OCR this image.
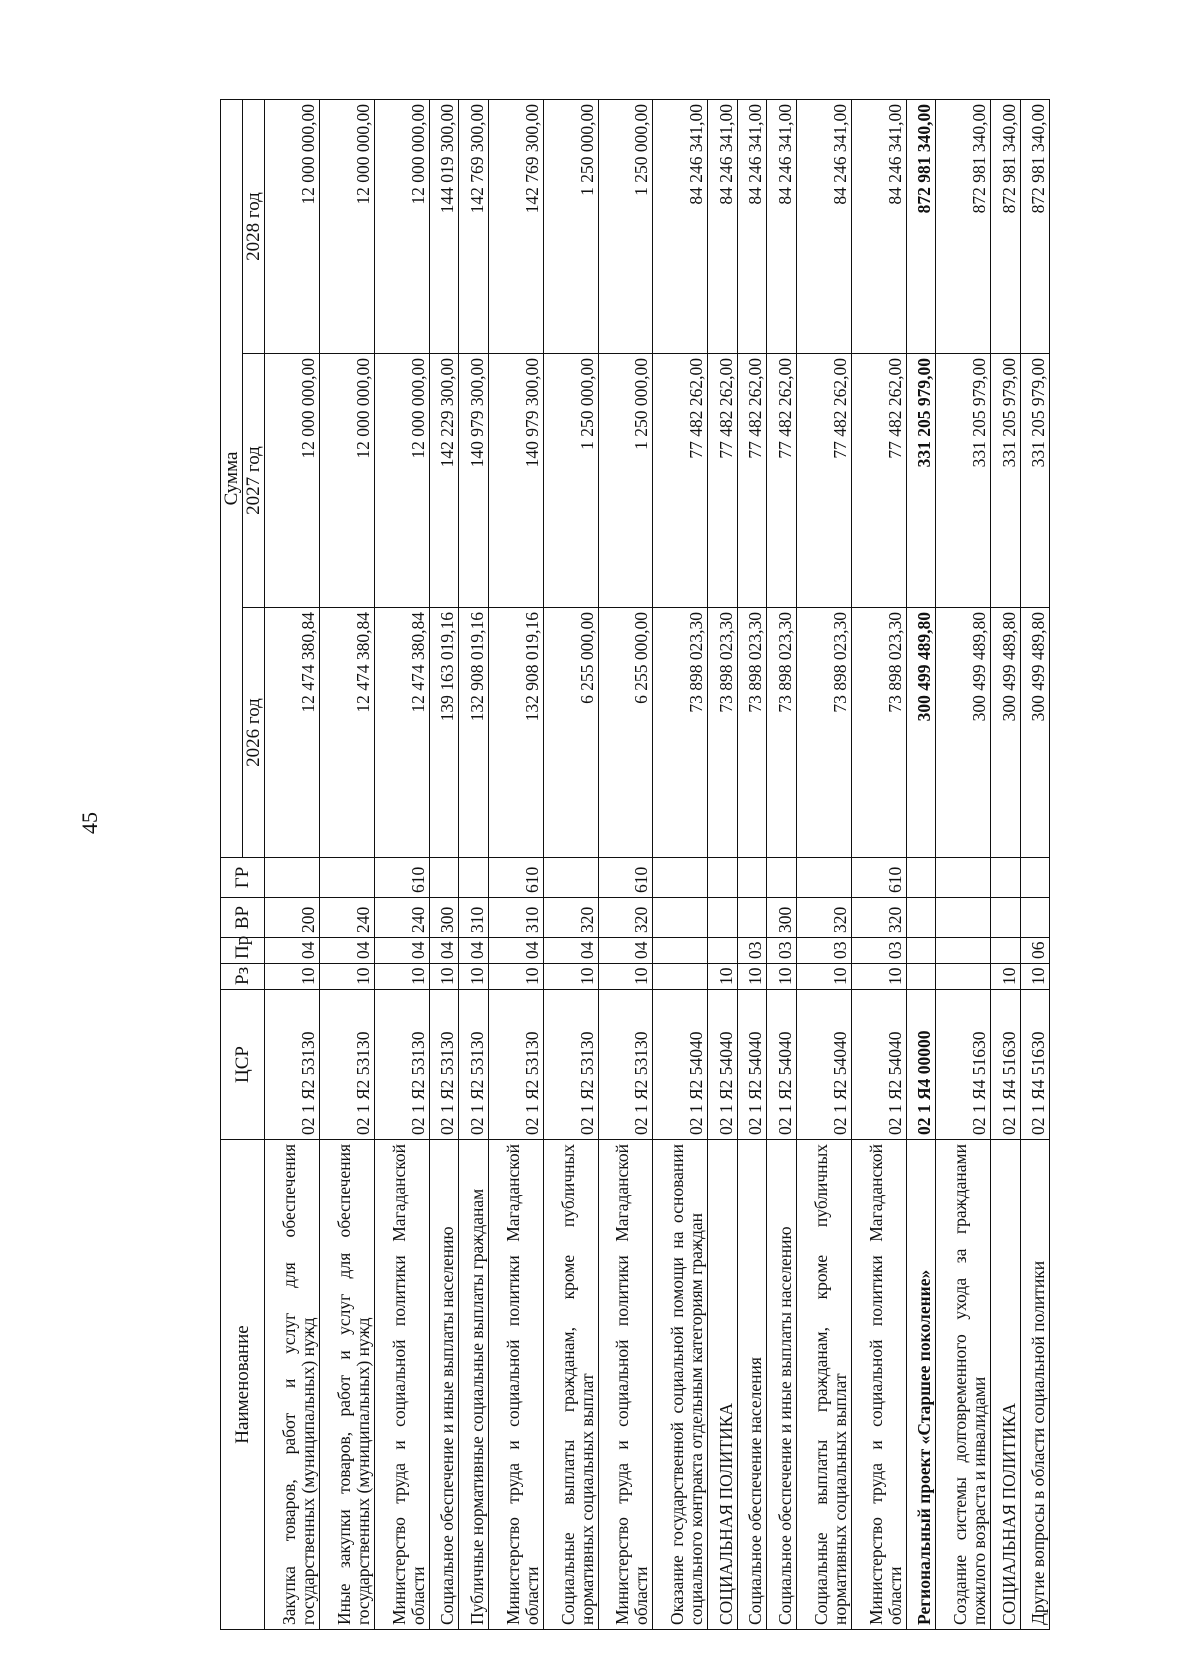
45
Наименование	ЦСР	Рз	Пр	ВР	ГР	Сумма		
						2026 год	2027 год	2028 год
Закупка товаров, работ и услуг для обеспечения государственных (муниципальных) нужд	02 1 Я2 53130	10	04	200		12 474 380,84	12 000 000,00	12 000 000,00
Иные закупки товаров, работ и услуг для обеспечения государственных (муниципальных) нужд	02 1 Я2 53130	10	04	240		12 474 380,84	12 000 000,00	12 000 000,00
Министерство труда и социальной политики Магаданской области	02 1 Я2 53130	10	04	240	610	12 474 380,84	12 000 000,00	12 000 000,00
Социальное обеспечение и иные выплаты населению	02 1 Я2 53130	10	04	300		139 163 019,16	142 229 300,00	144 019 300,00
Публичные нормативные социальные выплаты гражданам	02 1 Я2 53130	10	04	310		132 908 019,16	140 979 300,00	142 769 300,00
Министерство труда и социальной политики Магаданской области	02 1 Я2 53130	10	04	310	610	132 908 019,16	140 979 300,00	142 769 300,00
Социальные выплаты гражданам, кроме публичных нормативных социальных выплат	02 1 Я2 53130	10	04	320		6 255 000,00	1 250 000,00	1 250 000,00
Министерство труда и социальной политики Магаданской области	02 1 Я2 53130	10	04	320	610	6 255 000,00	1 250 000,00	1 250 000,00
Оказание государственной социальной помощи на основании социального контракта отдельным категориям граждан	02 1 Я2 54040					73 898 023,30	77 482 262,00	84 246 341,00
СОЦИАЛЬНАЯ ПОЛИТИКА	02 1 Я2 54040	10				73 898 023,30	77 482 262,00	84 246 341,00
Социальное обеспечение населения	02 1 Я2 54040	10	03			73 898 023,30	77 482 262,00	84 246 341,00
Социальное обеспечение и иные выплаты населению	02 1 Я2 54040	10	03	300		73 898 023,30	77 482 262,00	84 246 341,00
Социальные выплаты гражданам, кроме публичных нормативных социальных выплат	02 1 Я2 54040	10	03	320		73 898 023,30	77 482 262,00	84 246 341,00
Министерство труда и социальной политики Магаданской области	02 1 Я2 54040	10	03	320	610	73 898 023,30	77 482 262,00	84 246 341,00
Региональный проект «Старшее поколение»	02 1 Я4 00000					300 499 489,80	331 205 979,00	872 981 340,00
Создание системы долговременного ухода за гражданами пожилого возраста и инвалидами	02 1 Я4 51630					300 499 489,80	331 205 979,00	872 981 340,00
СОЦИАЛЬНАЯ ПОЛИТИКА	02 1 Я4 51630	10				300 499 489,80	331 205 979,00	872 981 340,00
Другие вопросы в области социальной политики	02 1 Я4 51630	10	06			300 499 489,80	331 205 979,00	872 981 340,00
